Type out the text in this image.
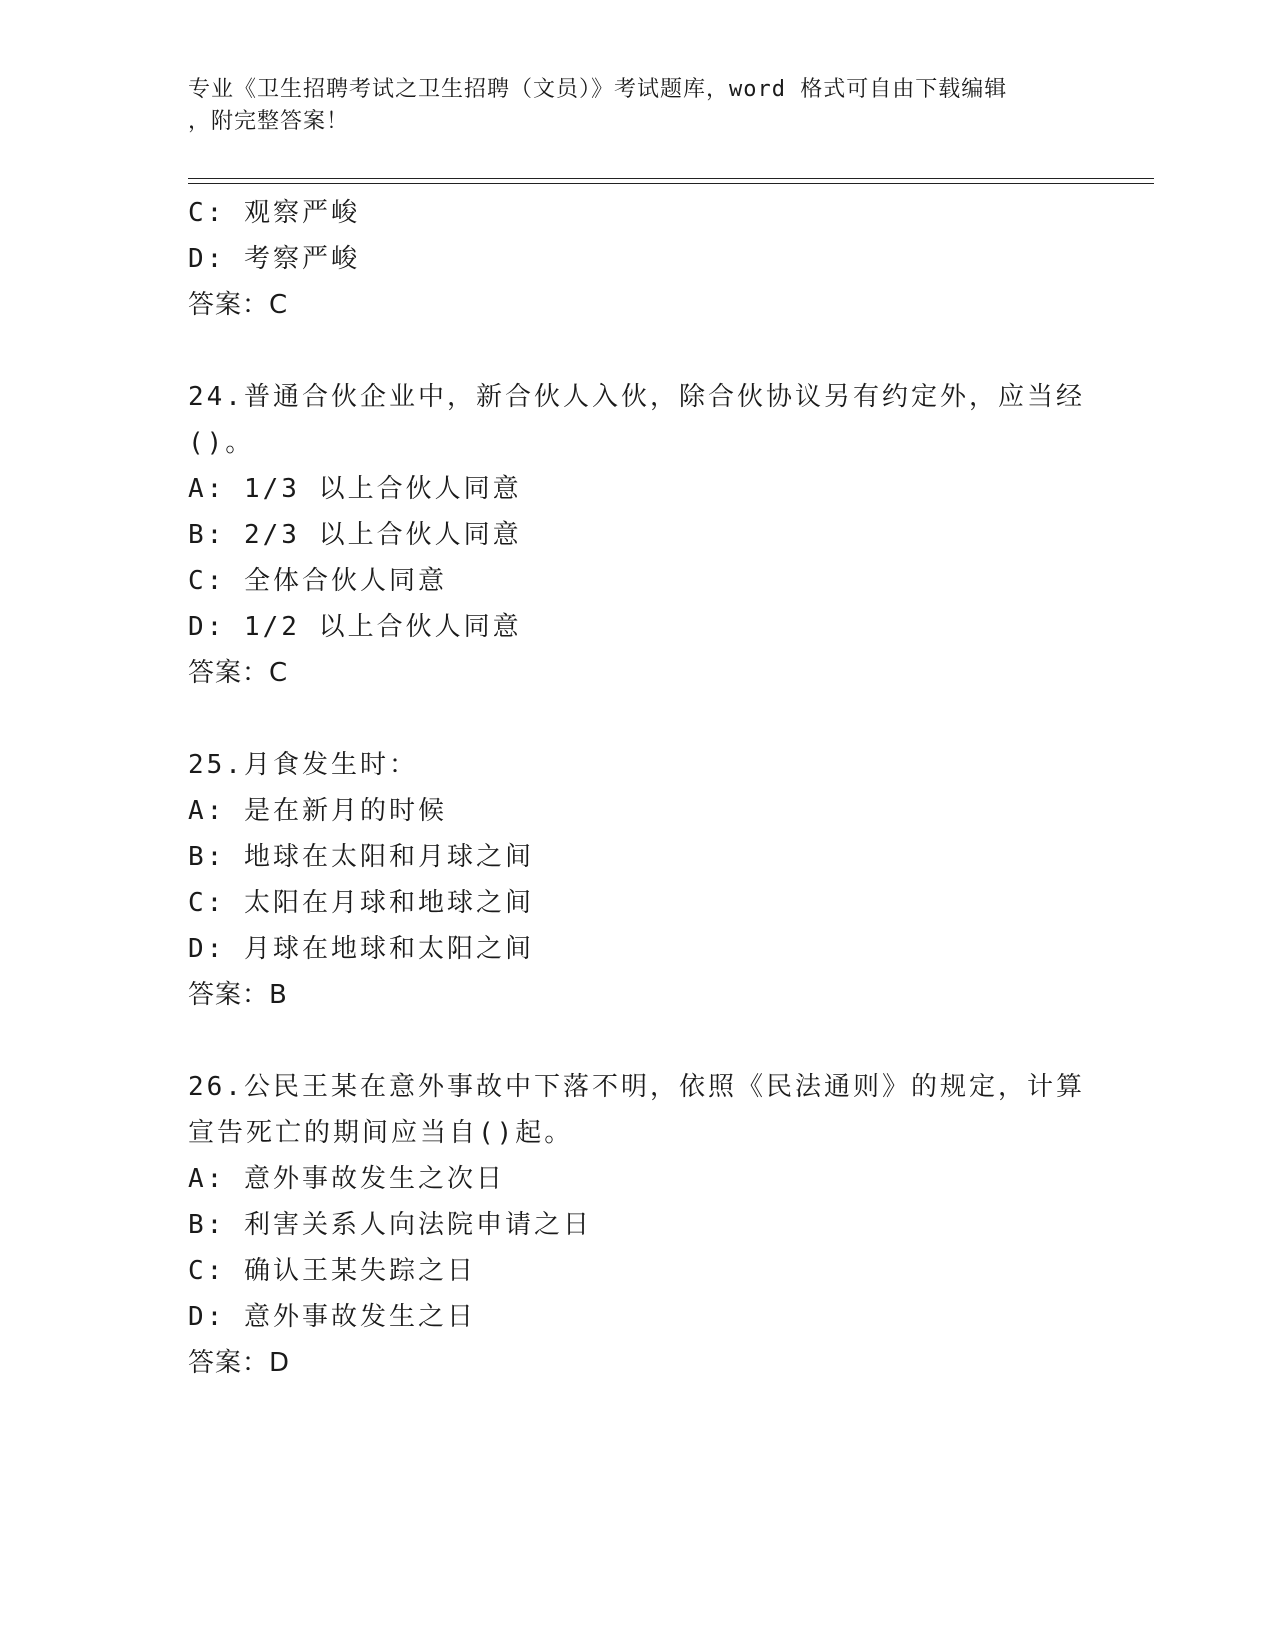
专业《卫生招聘考试之卫生招聘（文员）》考试题库，word 格式可自由下载编辑
，附完整答案！
C: 观察严峻
D: 考察严峻
答案：C
24.普通合伙企业中，新合伙人入伙，除合伙协议另有约定外，应当经
()。
A: 1/3 以上合伙人同意
B: 2/3 以上合伙人同意
C: 全体合伙人同意
D: 1/2 以上合伙人同意
答案：C
25.月食发生时：
A: 是在新月的时候
B: 地球在太阳和月球之间
C: 太阳在月球和地球之间
D: 月球在地球和太阳之间
答案：B
26.公民王某在意外事故中下落不明，依照《民法通则》的规定，计算
宣告死亡的期间应当自()起。
A: 意外事故发生之次日
B: 利害关系人向法院申请之日
C: 确认王某失踪之日
D: 意外事故发生之日
答案：D
